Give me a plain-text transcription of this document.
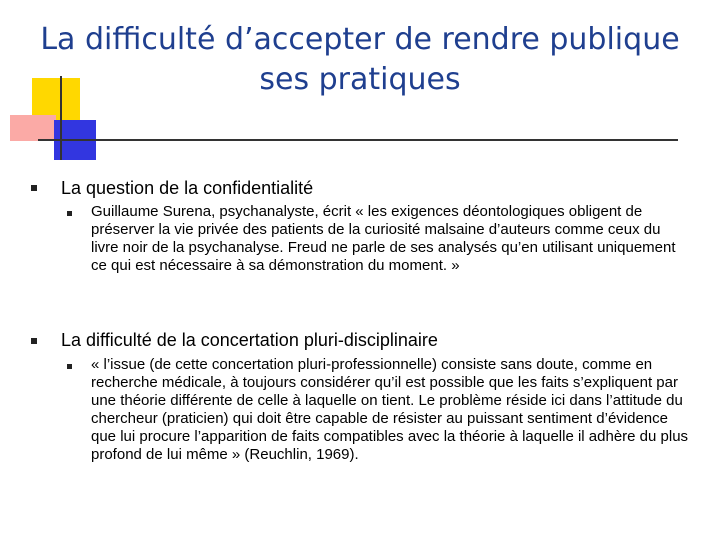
La difficulté d’accepter de rendre publique ses pratiques
La question de la confidentialité
Guillaume Surena, psychanalyste, écrit « les exigences déontologiques obligent de préserver la vie privée des patients de la curiosité malsaine d’auteurs comme ceux du livre noir de la psychanalyse. Freud ne parle de ses analysés qu’en utilisant uniquement ce qui est nécessaire à sa démonstration du moment. »
La difficulté de la concertation pluri-disciplinaire
« l’issue (de cette concertation pluri-professionnelle) consiste sans doute, comme en recherche médicale, à toujours considérer qu’il est possible que les faits s’expliquent par une théorie différente de celle à laquelle on tient. Le problème réside ici dans l’attitude du chercheur (praticien) qui doit être capable de résister au puissant sentiment d’évidence que lui procure l’apparition de faits compatibles avec la théorie à laquelle il adhère du plus profond de lui même » (Reuchlin, 1969).
